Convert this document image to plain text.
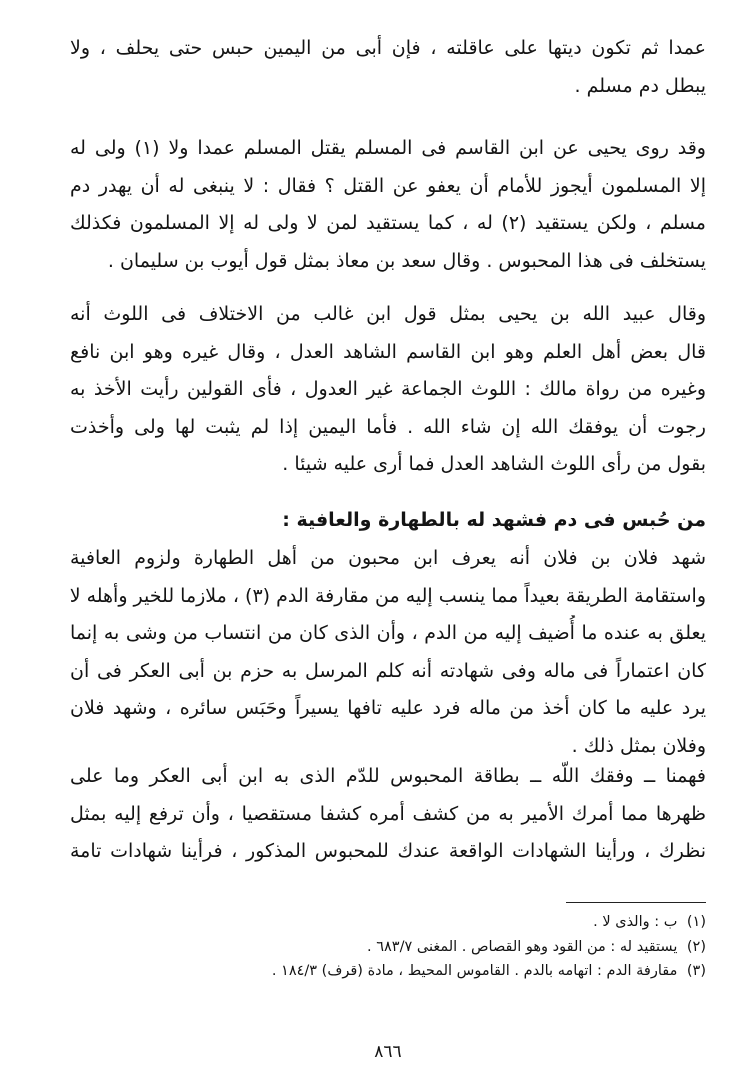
عمدا ثم تكون ديتها على عاقلته ، فإن أبى من اليمين حبس حتى يحلف ، ولا
يبطل دم مسلم .
وقد روى يحيى عن ابن القاسم فى المسلم يقتل المسلم عمدا ولا (١) ولى له
إلا المسلمون أيجوز للأمام أن يعفو عن القتل ؟ فقال : لا ينبغى له أن يهدر دم
مسلم ، ولكن يستقيد (٢) له ، كما يستقيد لمن لا ولى له إلا المسلمون فكذلك
يستخلف فى هذا المحبوس . وقال سعد بن معاذ بمثل قول أيوب بن سليمان .
وقال عبيد الله بن يحيى بمثل قول ابن غالب من الاختلاف فى اللوث أنه
قال بعض أهل العلم وهو ابن القاسم الشاهد العدل ، وقال غيره وهو ابن نافع
وغيره من رواة مالك : اللوث الجماعة غير العدول ، فأى القولين رأيت الأخذ به
رجوت أن يوفقك الله إن شاء الله . فأما اليمين إذا لم يثبت لها ولى وأخذت
بقول من رأى اللوث الشاهد العدل فما أرى عليه شيئا .
من حُبس فى دم فشهد له بالطهارة والعافية :
شهد فلان بن فلان أنه يعرف ابن محبون من أهل الطهارة ولزوم العافية
واستقامة الطريقة بعيداً مما ينسب إليه من مقارفة الدم (٣) ، ملازما للخير وأهله لا
يعلق به عنده ما أُضيف إليه من الدم ، وأن الذى كان من انتساب من وشى به إنما
كان اعتماراً فى ماله وفى شهادته أنه كلم المرسل به حزم بن أبى العكر فى أن
يرد عليه ما كان أخذ من ماله فرد عليه تافها يسيراً وحَبَس سائره ، وشهد فلان
وفلان بمثل ذلك .
فهمنا ــ وفقك اللّه ــ بطاقة المحبوس للدّم الذى به ابن أبى العكر وما على
ظهرها مما أمرك الأمير به من كشف أمره كشفا مستقصيا ، وأن ترفع إليه بمثل
نظرك ، ورأينا الشهادات الواقعة عندك للمحبوس المذكور ، فرأينا شهادات تامة
(١) ب : والذى لا .
(٢) يستقيد له : من القود وهو القصاص . المغنى ٦٨٣/٧ .
(٣) مقارفة الدم : اتهامه بالدم . القاموس المحيط ، مادة (قرف) ١٨٤/٣ .
٨٦٦
